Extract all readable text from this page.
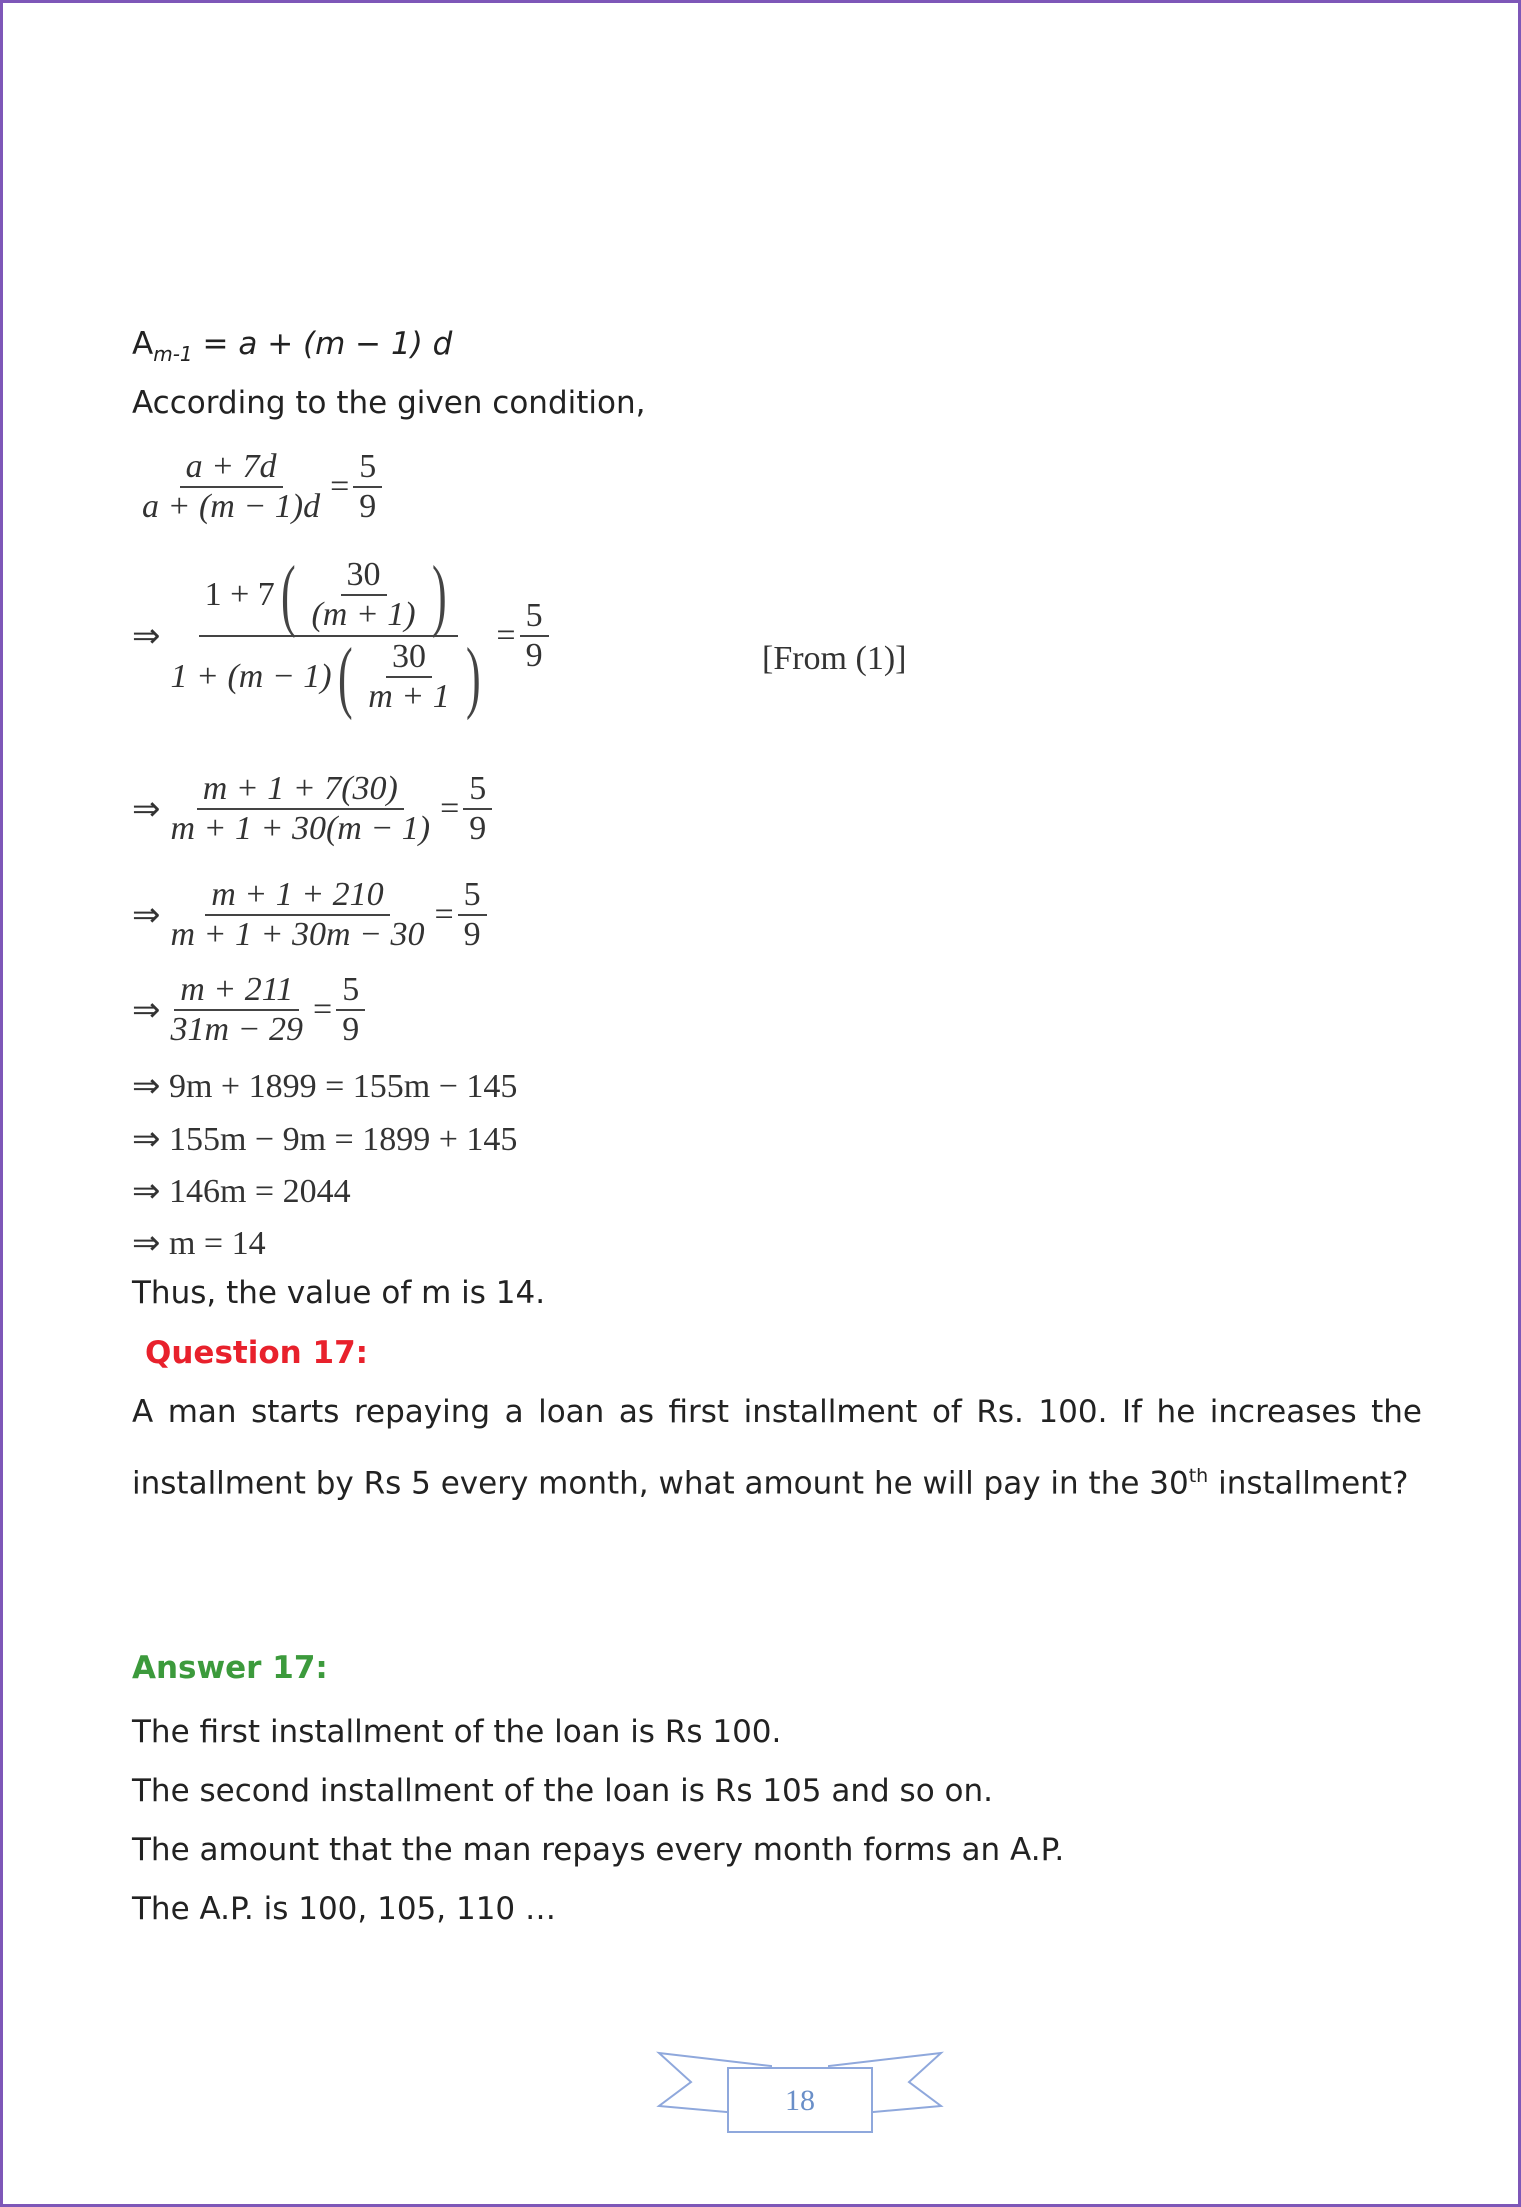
$A_{m-1} = a + (m - 1)$ d
According to the given condition,
$\frac{a + 7d}{a + (m - 1)d} = \frac{5}{9}$
⇒ $\frac{1 + 7 ( \frac{30}{(m + 1)} )}{1 + (m - 1) ( \frac{30}{m + 1} )} = \frac{5}{9}$	[From (1)]
⇒ $\frac{m + 1 + 7(30)}{m + 1 + 30(m - 1)} = \frac{5}{9}$
⇒ $\frac{m + 1 + 210}{m + 1 + 30m - 30} = \frac{5}{9}$
⇒ $\frac{m + 211}{31m - 29} = \frac{5}{9}$
⇒ 9m + 1899 = 155m − 145
⇒ 155m − 9m = 1899 + 145
⇒ 146m = 2044
⇒ m = 14
Thus, the value of m is 14.
Question 17:
A man starts repaying a loan as first installment of Rs. 100. If he increases the installment by Rs 5 every month, what amount he will pay in the 30th installment?
Answer 17:
The first installment of the loan is Rs 100.
The second installment of the loan is Rs 105 and so on.
The amount that the man repays every month forms an A.P.
The A.P. is 100, 105, 110 …
18
